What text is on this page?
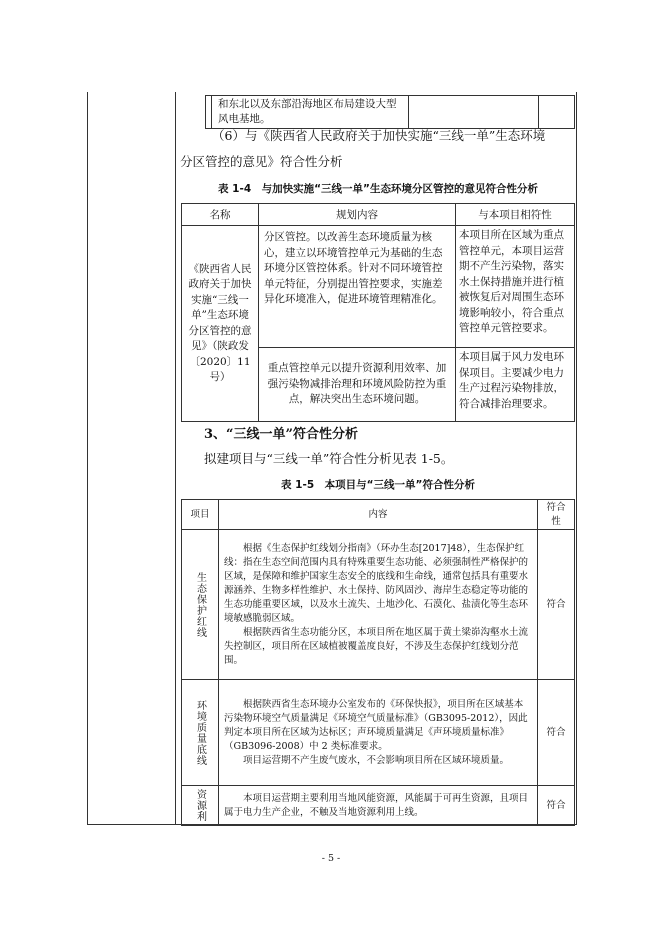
	和东北以及东部沿海地区布局建设大型风电基地。		
（6）与《陕西省人民政府关于加快实施“三线一单”生态环境
分区管控的意见》符合性分析
表 1-4　与加快实施“三线一单”生态环境分区管控的意见符合性分析
名称	规划内容	与本项目相符性
《陕西省人民政府关于加快实施“三线一单”生态环境分区管控的意见》（陕政发〔2020〕11号）	分区管控。以改善生态环境质量为核心，建立以环境管控单元为基础的生态环境分区管控体系。针对不同环境管控单元特征，分别提出管控要求，实施差异化环境准入，促进环境管理精准化。	本项目所在区域为重点管控单元，本项目运营期不产生污染物，落实水土保持措施并进行植被恢复后对周围生态环境影响较小，符合重点管控单元管控要求。
	重点管控单元以提升资源利用效率、加强污染物减排治理和环境风险防控为重点，解决突出生态环境问题。	本项目属于风力发电环保项目。主要减少电力生产过程污染物排放，符合减排治理要求。
3、“三线一单”符合性分析
拟建项目与“三线一单”符合性分析见表 1-5。
表 1-5　本项目与“三线一单”符合性分析
项目	内容	符合性

生态保护红线	根据《生态保护红线划分指南》（环办生态[2017]48），生态保护红线：指在生态空间范围内具有特殊重要生态功能、必须强制性严格保护的区域，是保障和维护国家生态安全的底线和生命线，通常包括具有重要水源涵养、生物多样性维护、水土保持、防风固沙、海岸生态稳定等功能的生态功能重要区域，以及水土流失、土地沙化、石漠化、盐渍化等生态环境敏感脆弱区域。
根据陕西省生态功能分区，本项目所在地区属于黄土梁峁沟壑水土流失控制区，项目所在区域植被覆盖度良好，不涉及生态保护红线划分范围。	符合

环境质量底线	根据陕西省生态环境办公室发布的《环保快报》，项目所在区域基本污染物环境空气质量满足《环境空气质量标准》（GB3095-2012），因此判定本项目所在区域为达标区；声环境质量满足《声环境质量标准》（GB3096-2008）中 2 类标准要求。
项目运营期不产生废气废水，不会影响项目所在区域环境质量。	符合

资源利	本项目运营期主要利用当地风能资源，风能属于可再生资源，且项目属于电力生产企业，不触及当地资源利用上线。	符合
- 5 -
